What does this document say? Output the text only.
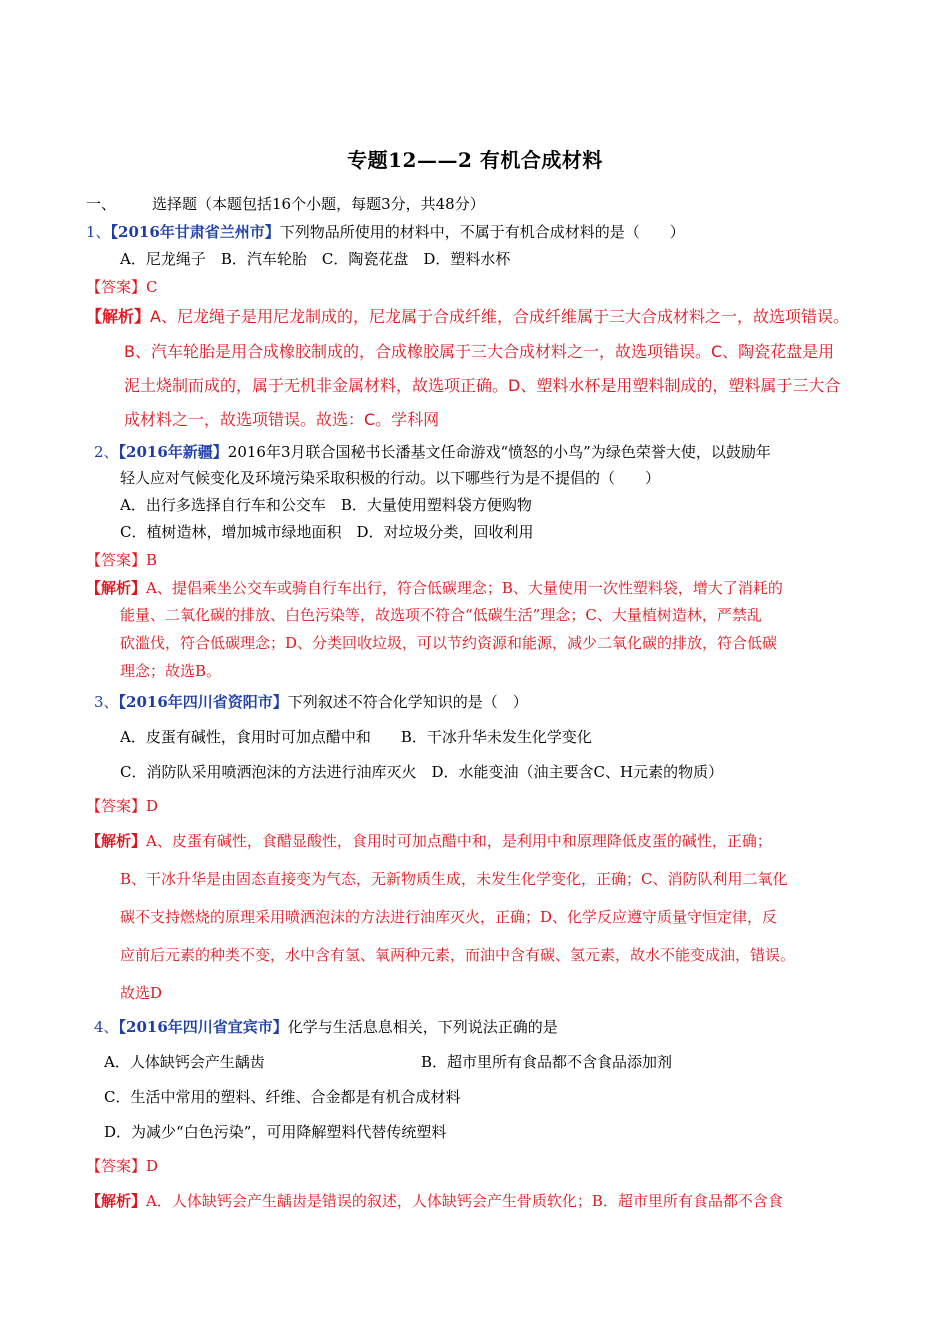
专题12——2 有机合成材料
一、 选择题（本题包括16个小题，每题3分，共48分）
1、【2016年甘肃省兰州市】下列物品所使用的材料中，不属于有机合成材料的是（　　）
A．尼龙绳子　B．汽车轮胎　C．陶瓷花盘　D．塑料水杯
【答案】C
【解析】A、尼龙绳子是用尼龙制成的，尼龙属于合成纤维，合成纤维属于三大合成材料之一，故选项错误。
B、汽车轮胎是用合成橡胶制成的，合成橡胶属于三大合成材料之一，故选项错误。C、陶瓷花盘是用
泥土烧制而成的，属于无机非金属材料，故选项正确。D、塑料水杯是用塑料制成的，塑料属于三大合
成材料之一，故选项错误。故选：C。学科网
2、【2016年新疆】2016年3月联合国秘书长潘基文任命游戏“愤怒的小鸟”为绿色荣誉大使，以鼓励年
轻人应对气候变化及环境污染采取积极的行动。以下哪些行为是不提倡的（　　）
A．出行多选择自行车和公交车　B．大量使用塑料袋方便购物
C．植树造林，增加城市绿地面积　D．对垃圾分类，回收利用
【答案】B
【解析】A、提倡乘坐公交车或骑自行车出行，符合低碳理念；B、大量使用一次性塑料袋，增大了消耗的
能量、二氧化碳的排放、白色污染等，故选项不符合“低碳生活”理念；C、大量植树造林，严禁乱
砍滥伐，符合低碳理念；D、分类回收垃圾，可以节约资源和能源，减少二氧化碳的排放，符合低碳
理念；故选B。
3、【2016年四川省资阳市】下列叙述不符合化学知识的是（　）
A．皮蛋有碱性，食用时可加点醋中和　　B．干冰升华未发生化学变化
C．消防队采用喷洒泡沫的方法进行油库灭火　D．水能变油（油主要含C、H元素的物质）
【答案】D
【解析】A、皮蛋有碱性，食醋显酸性，食用时可加点醋中和，是利用中和原理降低皮蛋的碱性，正确；
B、干冰升华是由固态直接变为气态，无新物质生成，未发生化学变化，正确；C、消防队利用二氧化
碳不支持燃烧的原理采用喷洒泡沫的方法进行油库灭火，正确；D、化学反应遵守质量守恒定律，反
应前后元素的种类不变，水中含有氢、氧两种元素，而油中含有碳、氢元素，故水不能变成油，错误。
故选D
4、【2016年四川省宜宾市】化学与生活息息相关，下列说法正确的是
A．人体缺钙会产生龋齿	B．超市里所有食品都不含食品添加剂
C．生活中常用的塑料、纤维、合金都是有机合成材料
D．为减少“白色污染”，可用降解塑料代替传统塑料
【答案】D
【解析】A．人体缺钙会产生龋齿是错误的叙述，人体缺钙会产生骨质软化；B．超市里所有食品都不含食
